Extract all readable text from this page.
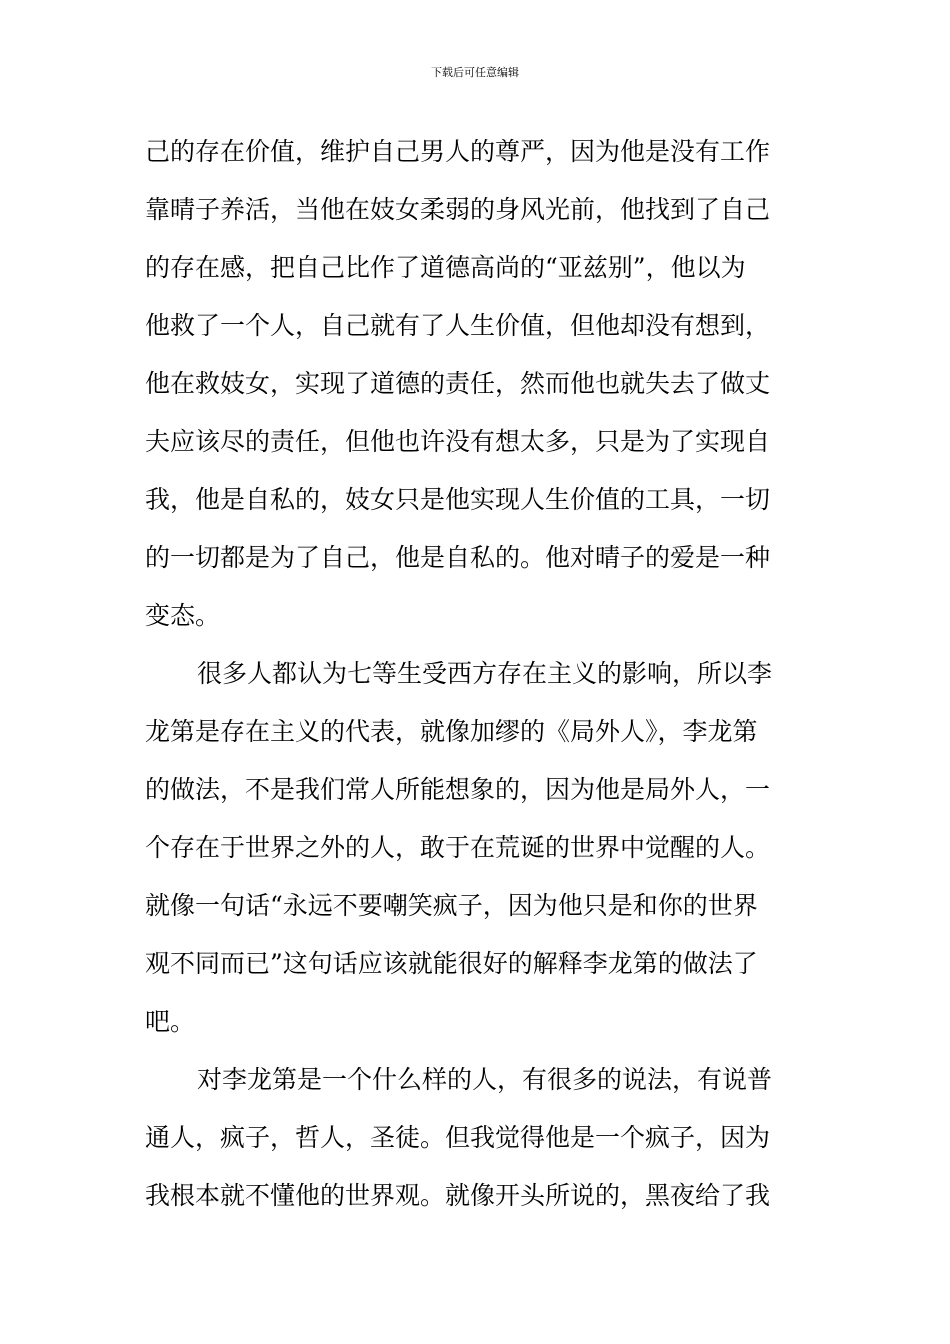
下载后可任意编辑
己的存在价值，维护自己男人的尊严，因为他是没有工作
靠晴子养活，当他在妓女柔弱的身风光前，他找到了自己
的存在感，把自己比作了道德高尚的“亚兹别”，他以为
他救了一个人，自己就有了人生价值，但他却没有想到，
他在救妓女，实现了道德的责任，然而他也就失去了做丈
夫应该尽的责任，但他也许没有想太多，只是为了实现自
我，他是自私的，妓女只是他实现人生价值的工具，一切
的一切都是为了自己，他是自私的。他对晴子的爱是一种
变态。
很多人都认为七等生受西方存在主义的影响，所以李
龙第是存在主义的代表，就像加缪的《局外人》，李龙第
的做法，不是我们常人所能想象的，因为他是局外人，一
个存在于世界之外的人，敢于在荒诞的世界中觉醒的人。
就像一句话“永远不要嘲笑疯子，因为他只是和你的世界
观不同而已”这句话应该就能很好的解释李龙第的做法了
吧。
对李龙第是一个什么样的人，有很多的说法，有说普
通人，疯子，哲人，圣徒。但我觉得他是一个疯子，因为
我根本就不懂他的世界观。就像开头所说的，黑夜给了我
